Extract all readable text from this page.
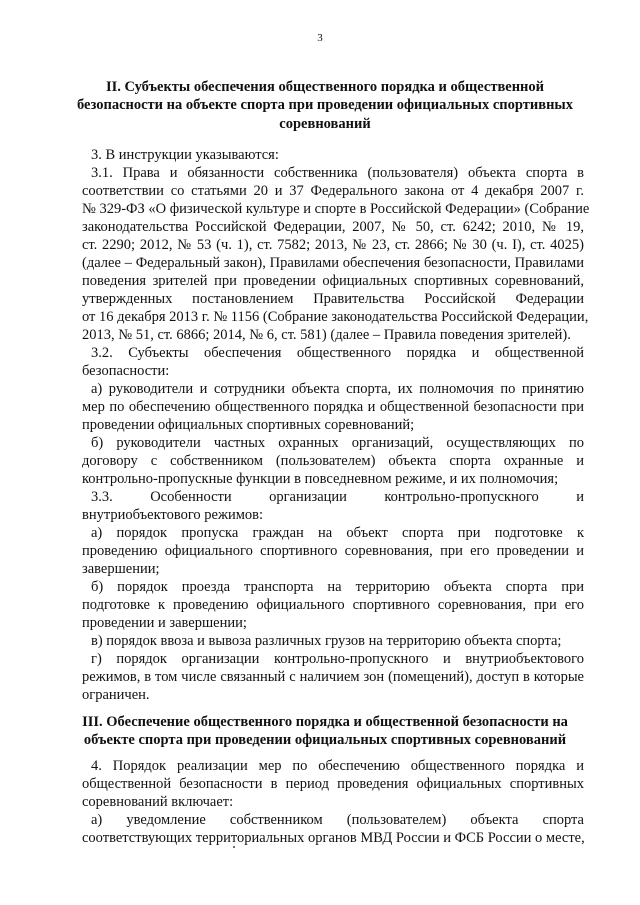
3
II. Субъекты обеспечения общественного порядка и общественной
безопасности на объекте спорта при проведении официальных спортивных
соревнований
3. В инструкции указываются:
3.1. Права и обязанности собственника (пользователя) объекта спорта в
соответствии со статьями 20 и 37 Федерального закона от 4 декабря 2007 г.
№ 329-ФЗ «О физической культуре и спорте в Российской Федерации» (Собрание
законодательства Российской Федерации, 2007, № 50, ст. 6242; 2010, № 19,
ст. 2290; 2012, № 53 (ч. 1), ст. 7582; 2013, № 23, ст. 2866; № 30 (ч. I), ст. 4025)
(далее – Федеральный закон), Правилами обеспечения безопасности, Правилами
поведения зрителей при проведении официальных спортивных соревнований,
утвержденных постановлением Правительства Российской Федерации
от 16 декабря 2013 г. № 1156 (Собрание законодательства Российской Федерации,
2013, № 51, ст. 6866; 2014, № 6, ст. 581) (далее – Правила поведения зрителей).
3.2. Субъекты обеспечения общественного порядка и общественной
безопасности:
а) руководители и сотрудники объекта спорта, их полномочия по принятию
мер по обеспечению общественного порядка и общественной безопасности при
проведении официальных спортивных соревнований;
б) руководители частных охранных организаций, осуществляющих по
договору с собственником (пользователем) объекта спорта охранные и
контрольно-пропускные функции в повседневном режиме, и их полномочия;
3.3. Особенности организации контрольно-пропускного и
внутриобъектового режимов:
а) порядок пропуска граждан на объект спорта при подготовке к
проведению официального спортивного соревнования, при его проведении и
завершении;
б) порядок проезда транспорта на территорию объекта спорта при
подготовке к проведению официального спортивного соревнования, при его
проведении и завершении;
в) порядок ввоза и вывоза различных грузов на территорию объекта спорта;
г) порядок организации контрольно-пропускного и внутриобъектового
режимов, в том числе связанный с наличием зон (помещений), доступ в которые
ограничен.
III. Обеспечение общественного порядка и общественной безопасности на
объекте спорта при проведении официальных спортивных соревнований
4. Порядок реализации мер по обеспечению общественного порядка и
общественной безопасности в период проведения официальных спортивных
соревнований включает:
а) уведомление собственником (пользователем) объекта спорта
соответствующих территориальных органов МВД России и ФСБ России о месте,
